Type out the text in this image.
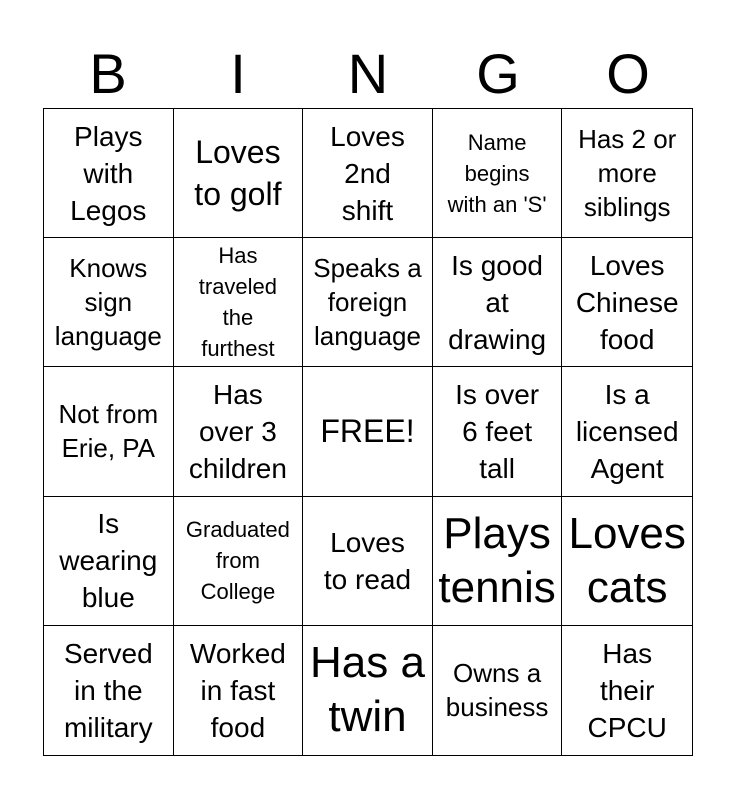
B	I	N	G	O
Plays
with
Legos
Loves
to golf
Loves
2nd
shift
Name
begins
with an 'S'
Has 2 or
more
siblings
Knows
sign
language
Has
traveled
the
furthest
Speaks a
foreign
language
Is good
at
drawing
Loves
Chinese
food
Not from
Erie, PA
Has
over 3
children
FREE!
Is over
6 feet
tall
Is a
licensed
Agent
Is
wearing
blue
Graduated
from
College
Loves
to read
Plays
tennis
Loves
cats
Served
in the
military
Worked
in fast
food
Has a
twin
Owns a
business
Has
their
CPCU
